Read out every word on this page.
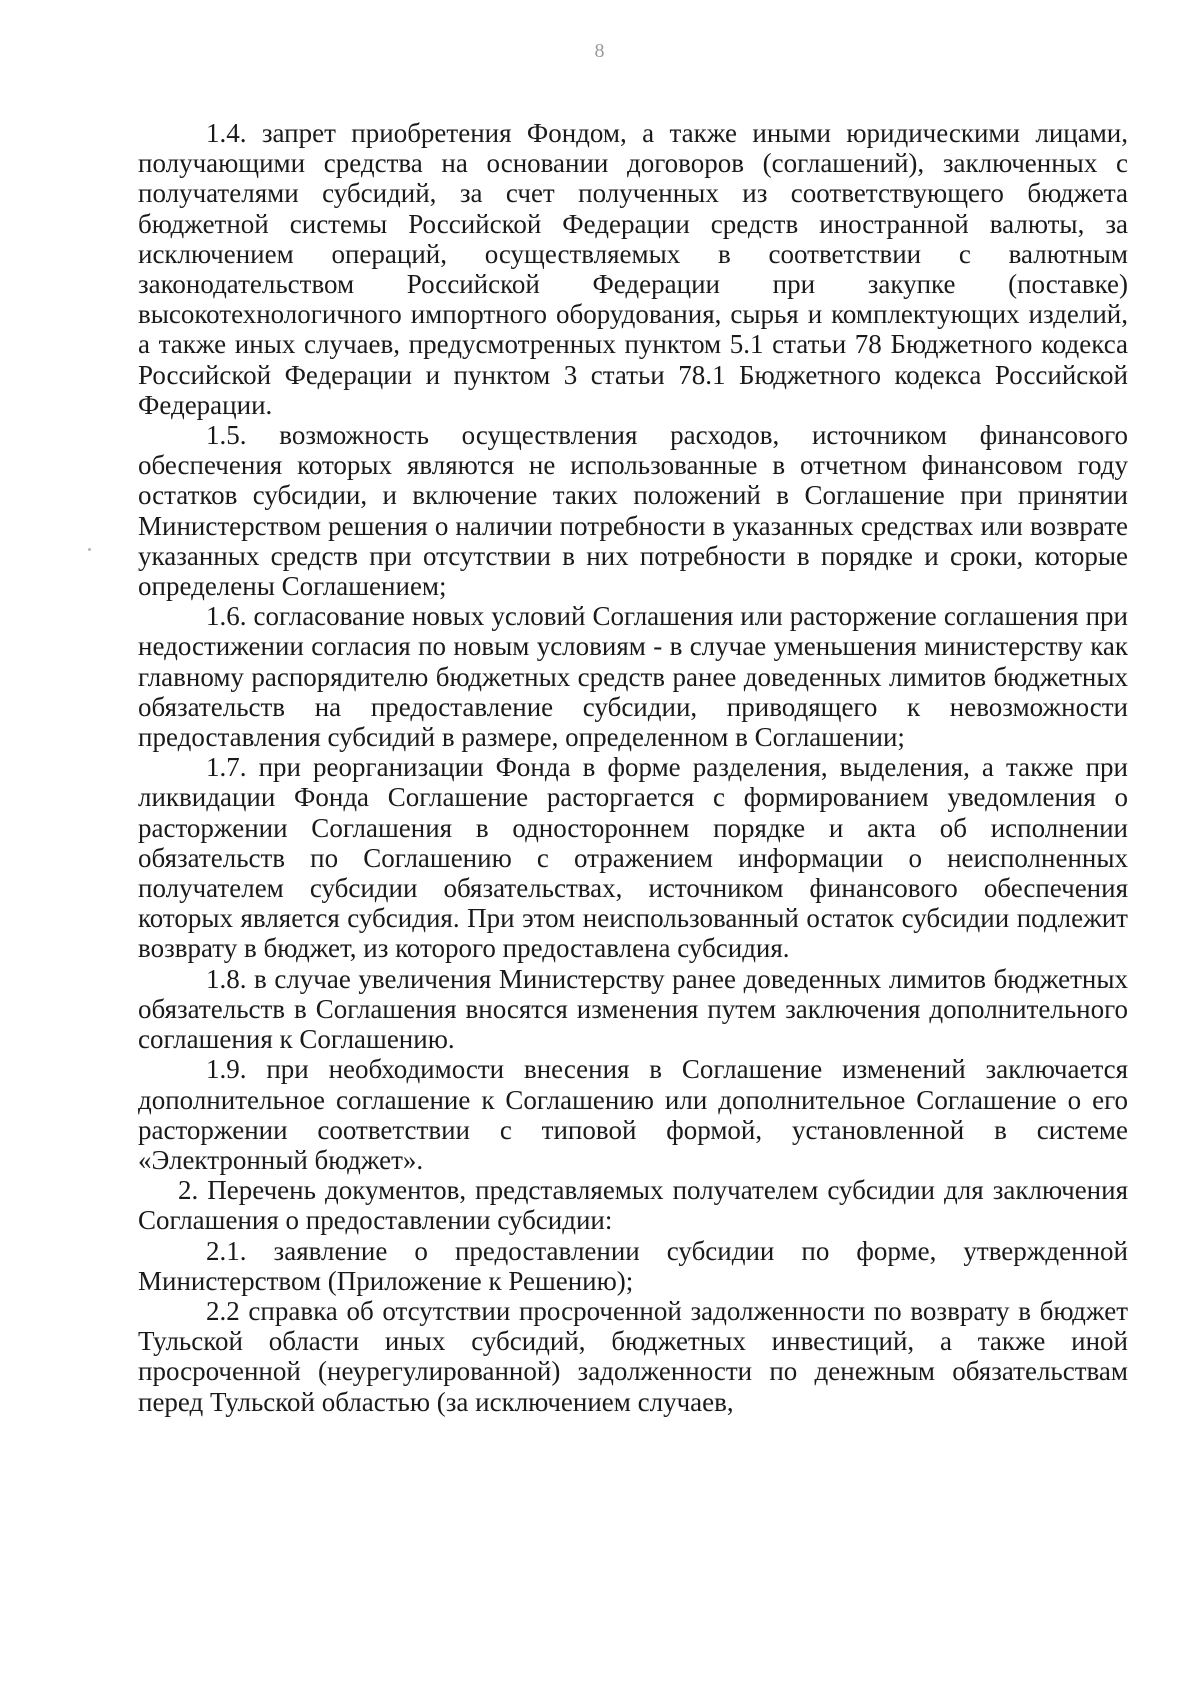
8

1.4. запрет приобретения Фондом, а также иными юридическими лицами, получающими средства на основании договоров (соглашений), заключенных с получателями субсидий, за счет полученных из соответствующего бюджета бюджетной системы Российской Федерации средств иностранной валюты, за исключением операций, осуществляемых в соответствии с валютным законодательством Российской Федерации при закупке (поставке) высокотехнологичного импортного оборудования, сырья и комплектующих изделий, а также иных случаев, предусмотренных пунктом 5.1 статьи 78 Бюджетного кодекса Российской Федерации и пунктом 3 статьи 78.1 Бюджетного кодекса Российской Федерации.

1.5. возможность осуществления расходов, источником финансового обеспечения которых являются не использованные в отчетном финансовом году остатков субсидии, и включение таких положений в Соглашение при принятии Министерством решения о наличии потребности в указанных средствах или возврате указанных средств при отсутствии в них потребности в порядке и сроки, которые определены Соглашением;

1.6. согласование новых условий Соглашения или расторжение соглашения при недостижении согласия по новым условиям - в случае уменьшения министерству как главному распорядителю бюджетных средств ранее доведенных лимитов бюджетных обязательств на предоставление субсидии, приводящего к невозможности предоставления субсидий в размере, определенном в Соглашении;

1.7. при реорганизации Фонда в форме разделения, выделения, а также при ликвидации Фонда Соглашение расторгается с формированием уведомления о расторжении Соглашения в одностороннем порядке и акта об исполнении обязательств по Соглашению с отражением информации о неисполненных получателем субсидии обязательствах, источником финансового обеспечения которых является субсидия. При этом неиспользованный остаток субсидии подлежит возврату в бюджет, из которого предоставлена субсидия.

1.8. в случае увеличения Министерству ранее доведенных лимитов бюджетных обязательств в Соглашения вносятся изменения путем заключения дополнительного соглашения к Соглашению.

1.9. при необходимости внесения в Соглашение изменений заключается дополнительное соглашение к Соглашению или дополнительное Соглашение о его расторжении соответствии с типовой формой, установленной в системе «Электронный бюджет».

2. Перечень документов, представляемых получателем субсидии для заключения Соглашения о предоставлении субсидии:

2.1. заявление о предоставлении субсидии по форме, утвержденной Министерством (Приложение к Решению);

2.2 справка об отсутствии просроченной задолженности по возврату в бюджет Тульской области иных субсидий, бюджетных инвестиций, а также иной просроченной (неурегулированной) задолженности по денежным обязательствам перед Тульской областью (за исключением случаев,
